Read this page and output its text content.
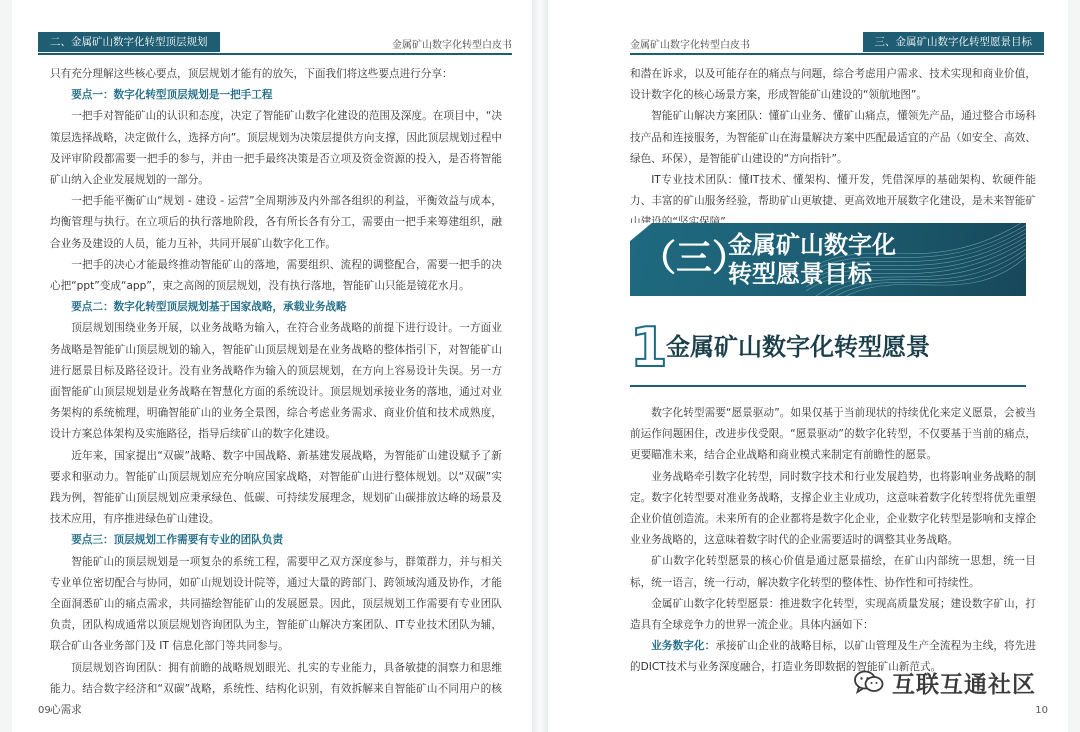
二、金属矿山数字化转型顶层规划	金属矿山数字化转型白皮书

只有充分理解这些核心要点，顶层规划才能有的放矢，下面我们将这些要点进行分享：

要点一：数字化转型顶层规划是一把手工程

一把手对智能矿山的认识和态度，决定了智能矿山数字化建设的范围及深度。在项目中，“决策层选择战略，决定做什么，选择方向”。顶层规划为决策层提供方向支撑，因此顶层规划过程中及评审阶段都需要一把手的参与，并由一把手最终决策是否立项及资金资源的投入，是否将智能矿山纳入企业发展规划的一部分。

一把手能平衡矿山“规划 - 建设 - 运营”全周期涉及内外部各组织的利益，平衡效益与成本，均衡管理与执行。在立项后的执行落地阶段，各有所长各有分工，需要由一把手来筹建组织，融合业务及建设的人员，能力互补，共同开展矿山数字化工作。

一把手的决心才能最终推动智能矿山的落地，需要组织、流程的调整配合，需要一把手的决心把“ppt”变成“app”，束之高阁的顶层规划，没有执行落地，智能矿山只能是镜花水月。

要点二：数字化转型顶层规划基于国家战略，承载业务战略

顶层规划围绕业务开展，以业务战略为输入，在符合业务战略的前提下进行设计。一方面业务战略是智能矿山顶层规划的输入，智能矿山顶层规划是在业务战略的整体指引下，对智能矿山进行愿景目标及路径设计。没有业务战略作为输入的顶层规划，在方向上容易设计失误。另一方面智能矿山顶层规划是业务战略在智慧化方面的系统设计。顶层规划承接业务的落地，通过对业务架构的系统梳理，明确智能矿山的业务全景图，综合考虑业务需求、商业价值和技术成熟度，设计方案总体架构及实施路径，指导后续矿山的数字化建设。

近年来，国家提出“双碳”战略、数字中国战略、新基建发展战略，为智能矿山建设赋予了新要求和驱动力。智能矿山顶层规划应充分响应国家战略，对智能矿山进行整体规划。以“双碳”实践为例，智能矿山顶层规划应秉承绿色、低碳、可持续发展理念，规划矿山碳排放达峰的场景及技术应用，有序推进绿色矿山建设。

要点三：顶层规划工作需要有专业的团队负责

智能矿山的顶层规划是一项复杂的系统工程，需要甲乙双方深度参与，群策群力，并与相关专业单位密切配合与协同，如矿山规划设计院等，通过大量的跨部门、跨领域沟通及协作，才能全面洞悉矿山的痛点需求，共同描绘智能矿山的发展愿景。因此，顶层规划工作需要有专业团队负责，团队构成通常以顶层规划咨询团队为主，智能矿山解决方案团队、IT专业技术团队为辅，联合矿山各业务部门及 IT 信息化部门等共同参与。

顶层规划咨询团队：拥有前瞻的战略规划眼光、扎实的专业能力，具备敏捷的洞察力和思维能力。结合数字经济和“双碳”战略，系统性、结构化识别，有效拆解来自智能矿山不同用户的核心需求

09
金属矿山数字化转型白皮书	三、金属矿山数字化转型愿景目标

和潜在诉求，以及可能存在的痛点与问题，综合考虑用户需求、技术实现和商业价值，设计数字化的核心场景方案，形成智能矿山建设的“领航地图”。

智能矿山解决方案团队：懂矿山业务、懂矿山痛点，懂领先产品，通过整合市场科技产品和连接服务，为智能矿山在海量解决方案中匹配最适宜的产品（如安全、高效、绿色、环保），是智能矿山建设的“方向指针”。

IT专业技术团队：懂IT技术、懂架构、懂开发，凭借深厚的基础架构、软硬件能力、丰富的矿山服务经验，帮助矿山更敏捷、更高效地开展数字化建设，是未来智能矿

（三）
金属矿山数字化转型愿景目标
1
金属矿山数字化转型愿景

数字化转型需要“愿景驱动”。如果仅基于当前现状的持续优化来定义愿景，会被当前运作问题困住，改进步伐受限。“愿景驱动”的数字化转型，不仅要基于当前的痛点，更要瞄准未来，结合企业战略和商业模式来制定有前瞻性的愿景。

业务战略牵引数字化转型，同时数字技术和行业发展趋势，也将影响业务战略的制定。数字化转型要对准业务战略，支撑企业主业成功，这意味着数字化转型将优先重塑企业价值创造流。未来所有的企业都将是数字化企业，企业数字化转型是影响和支撑企业业务战略的，这意味着数字时代的企业需要适时的调整其业务战略。

矿山数字化转型愿景的核心价值是通过愿景描绘，在矿山内部统一思想，统一目标，统一语言，统一行动，解决数字化转型的整体性、协作性和可持续性。

金属矿山数字化转型愿景：推进数字化转型，实现高质量发展；建设数字矿山，打造具有全球竞争力的世界一流企业。具体内涵如下：

业务数字化：承接矿山企业的战略目标，以矿山管理及生产全流程为主线，将先进的DICT技术与业务深度融合，打造业务即数据的智能矿山新范式。

10
互联互通社区
